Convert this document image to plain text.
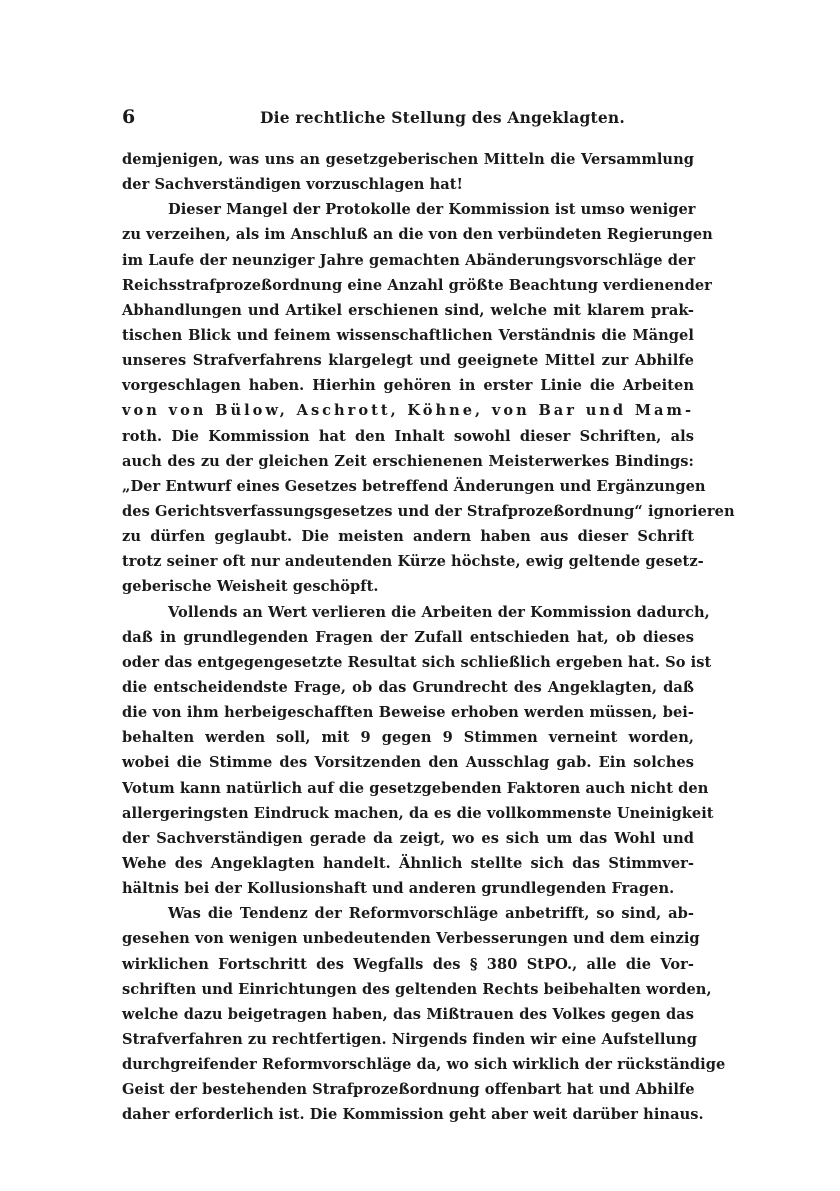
6	Die rechtliche Stellung des Angeklagten.
demjenigen, was uns an gesetzgeberischen Mitteln die Versammlung
der Sachverständigen vorzuschlagen hat!
Dieser Mangel der Protokolle der Kommission ist umso weniger
zu verzeihen, als im Anschluß an die von den verbündeten Regierungen
im Laufe der neunziger Jahre gemachten Abänderungsvorschläge der
Reichsstrafprozeßordnung eine Anzahl größte Beachtung verdienender
Abhandlungen und Artikel erschienen sind, welche mit klarem prak-
tischen Blick und feinem wissenschaftlichen Verständnis die Mängel
unseres Strafverfahrens klargelegt und geeignete Mittel zur Abhilfe
vorgeschlagen haben. Hierhin gehören in erster Linie die Arbeiten
von von Bülow, Aschrott, Köhne, von Bar und Mam-
roth. Die Kommission hat den Inhalt sowohl dieser Schriften, als
auch des zu der gleichen Zeit erschienenen Meisterwerkes Bindings:
„Der Entwurf eines Gesetzes betreffend Änderungen und Ergänzungen
des Gerichtsverfassungsgesetzes und der Strafprozeßordnung“ ignorieren
zu dürfen geglaubt. Die meisten andern haben aus dieser Schrift
trotz seiner oft nur andeutenden Kürze höchste, ewig geltende gesetz-
geberische Weisheit geschöpft.
Vollends an Wert verlieren die Arbeiten der Kommission dadurch,
daß in grundlegenden Fragen der Zufall entschieden hat, ob dieses
oder das entgegengesetzte Resultat sich schließlich ergeben hat. So ist
die entscheidendste Frage, ob das Grundrecht des Angeklagten, daß
die von ihm herbeigeschafften Beweise erhoben werden müssen, bei-
behalten werden soll, mit 9 gegen 9 Stimmen verneint worden,
wobei die Stimme des Vorsitzenden den Ausschlag gab. Ein solches
Votum kann natürlich auf die gesetzgebenden Faktoren auch nicht den
allergeringsten Eindruck machen, da es die vollkommenste Uneinigkeit
der Sachverständigen gerade da zeigt, wo es sich um das Wohl und
Wehe des Angeklagten handelt. Ähnlich stellte sich das Stimmver-
hältnis bei der Kollusionshaft und anderen grundlegenden Fragen.
Was die Tendenz der Reformvorschläge anbetrifft, so sind, ab-
gesehen von wenigen unbedeutenden Verbesserungen und dem einzig
wirklichen Fortschritt des Wegfalls des § 380 StPO., alle die Vor-
schriften und Einrichtungen des geltenden Rechts beibehalten worden,
welche dazu beigetragen haben, das Mißtrauen des Volkes gegen das
Strafverfahren zu rechtfertigen. Nirgends finden wir eine Aufstellung
durchgreifender Reformvorschläge da, wo sich wirklich der rückständige
Geist der bestehenden Strafprozeßordnung offenbart hat und Abhilfe
daher erforderlich ist. Die Kommission geht aber weit darüber hinaus.
